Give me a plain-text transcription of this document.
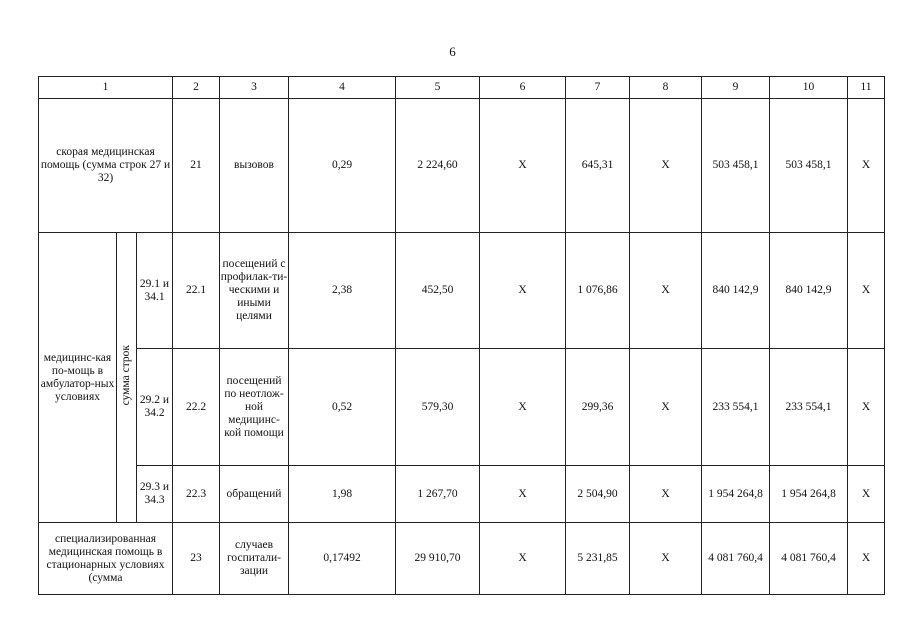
6
1			2	3	4	5	6	7	8	9	10	11
скорая медицинская помощь (сумма строк 27 и 32)			21	вызовов	0,29	2 224,60	X	645,31	X	503 458,1	503 458,1	X
медицинс-кая по-мощь в амбулатор-ных условиях	сумма строк	29.1 и 34.1	22.1	посещений с профилак-ти-ческими и иными целями	2,38	452,50	X	1 076,86	X	840 142,9	840 142,9	X
		29.2 и 34.2	22.2	посещений по неотлож-ной медицинс-кой помощи	0,52	579,30	X	299,36	X	233 554,1	233 554,1	X
		29.3 и 34.3	22.3	обращений	1,98	1 267,70	X	2 504,90	X	1 954 264,8	1 954 264,8	X
специализированная медицинская помощь в стационарных условиях (сумма			23	случаев госпитали-зации	0,17492	29 910,70	X	5 231,85	X	4 081 760,4	4 081 760,4	X
